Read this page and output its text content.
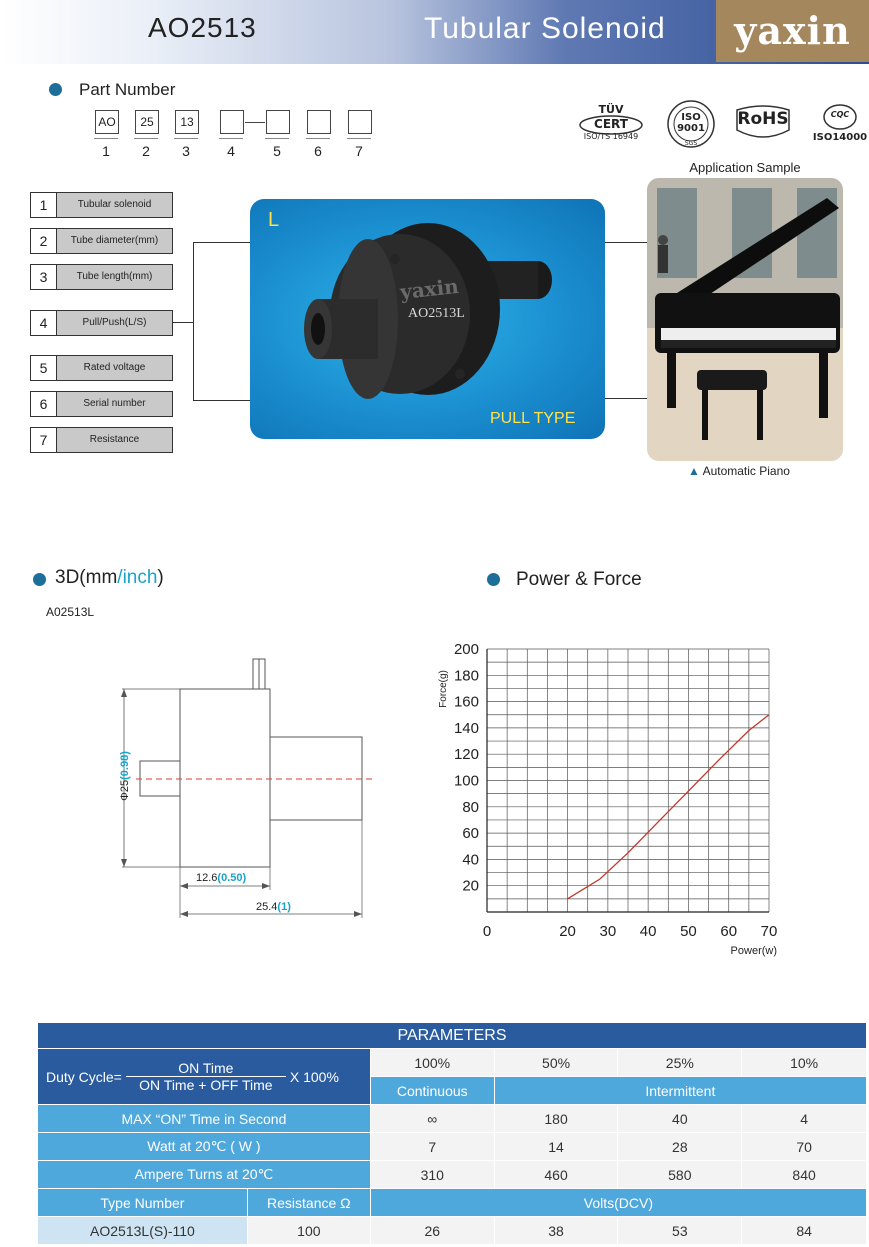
AO2513	Tubular Solenoid	yaxin
Part Number
AO	25	13
1	2	3	4	5	6	7
TÜV
CERT
ISO/TS 16949
ISO
9001
SGS
RoHS	CQC
ISO14000
1	Tubular solenoid
2	Tube diameter(mm)
3	Tube length(mm)
4	Pull/Push(L/S)
5	Rated voltage
6	Serial number
7	Resistance
L
yaxin
AO2513L
PULL TYPE
Application Sample
▲ Automatic Piano
3D(mm/inch)
A02513L
Φ25(0.98)
12.6(0.50)
25.4(1)
Power & Force
20
40
60
80
100
120
140
160
180
200
0	20 30 40 50 60 70
Force(g)
Power(w)
PARAMETERS					

Duty Cycle=
ON Time
ON Time + OFF Time
X 100%		100%	50%	25%	10%
		Continuous	Intermittent		
MAX “ON” Time in Second		∞	180	40	4
Watt at 20℃ ( W )		7	14	28	70
Ampere Turns at 20℃		310	460	580	840
Type Number	Resistance Ω	Volts(DCV)			
AO2513L(S)-110	100	26	38	53	84
